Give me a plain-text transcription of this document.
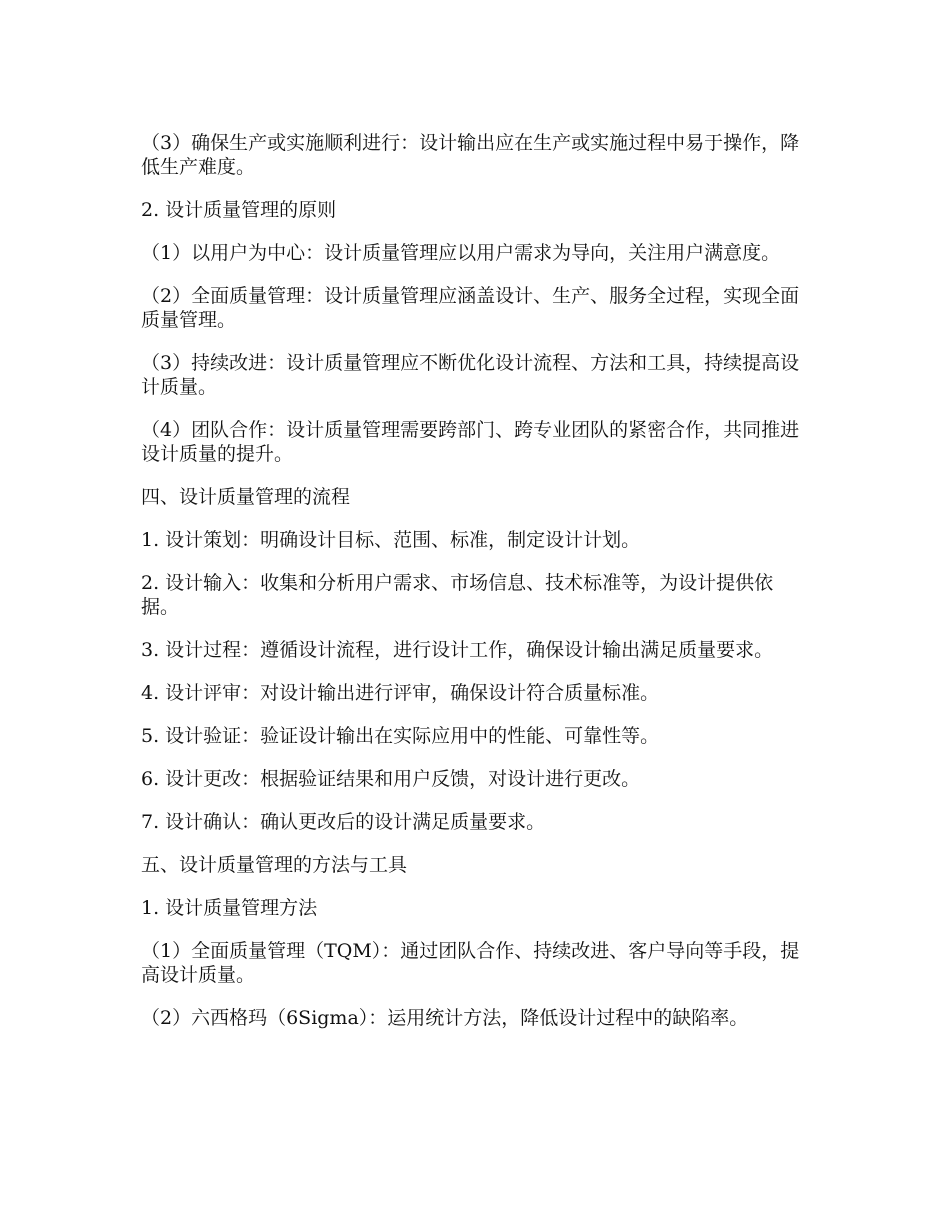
（3）确保生产或实施顺利进行：设计输出应在生产或实施过程中易于操作，降低生产难度。

2. 设计质量管理的原则

（1）以用户为中心：设计质量管理应以用户需求为导向，关注用户满意度。

（2）全面质量管理：设计质量管理应涵盖设计、生产、服务全过程，实现全面质量管理。

（3）持续改进：设计质量管理应不断优化设计流程、方法和工具，持续提高设计质量。

（4）团队合作：设计质量管理需要跨部门、跨专业团队的紧密合作，共同推进设计质量的提升。

四、设计质量管理的流程

1. 设计策划：明确设计目标、范围、标准，制定设计计划。

2. 设计输入：收集和分析用户需求、市场信息、技术标准等，为设计提供依据。

3. 设计过程：遵循设计流程，进行设计工作，确保设计输出满足质量要求。

4. 设计评审：对设计输出进行评审，确保设计符合质量标准。

5. 设计验证：验证设计输出在实际应用中的性能、可靠性等。

6. 设计更改：根据验证结果和用户反馈，对设计进行更改。

7. 设计确认：确认更改后的设计满足质量要求。

五、设计质量管理的方法与工具

1. 设计质量管理方法

（1）全面质量管理（TQM）：通过团队合作、持续改进、客户导向等手段，提高设计质量。

（2）六西格玛（6Sigma）：运用统计方法，降低设计过程中的缺陷率。
